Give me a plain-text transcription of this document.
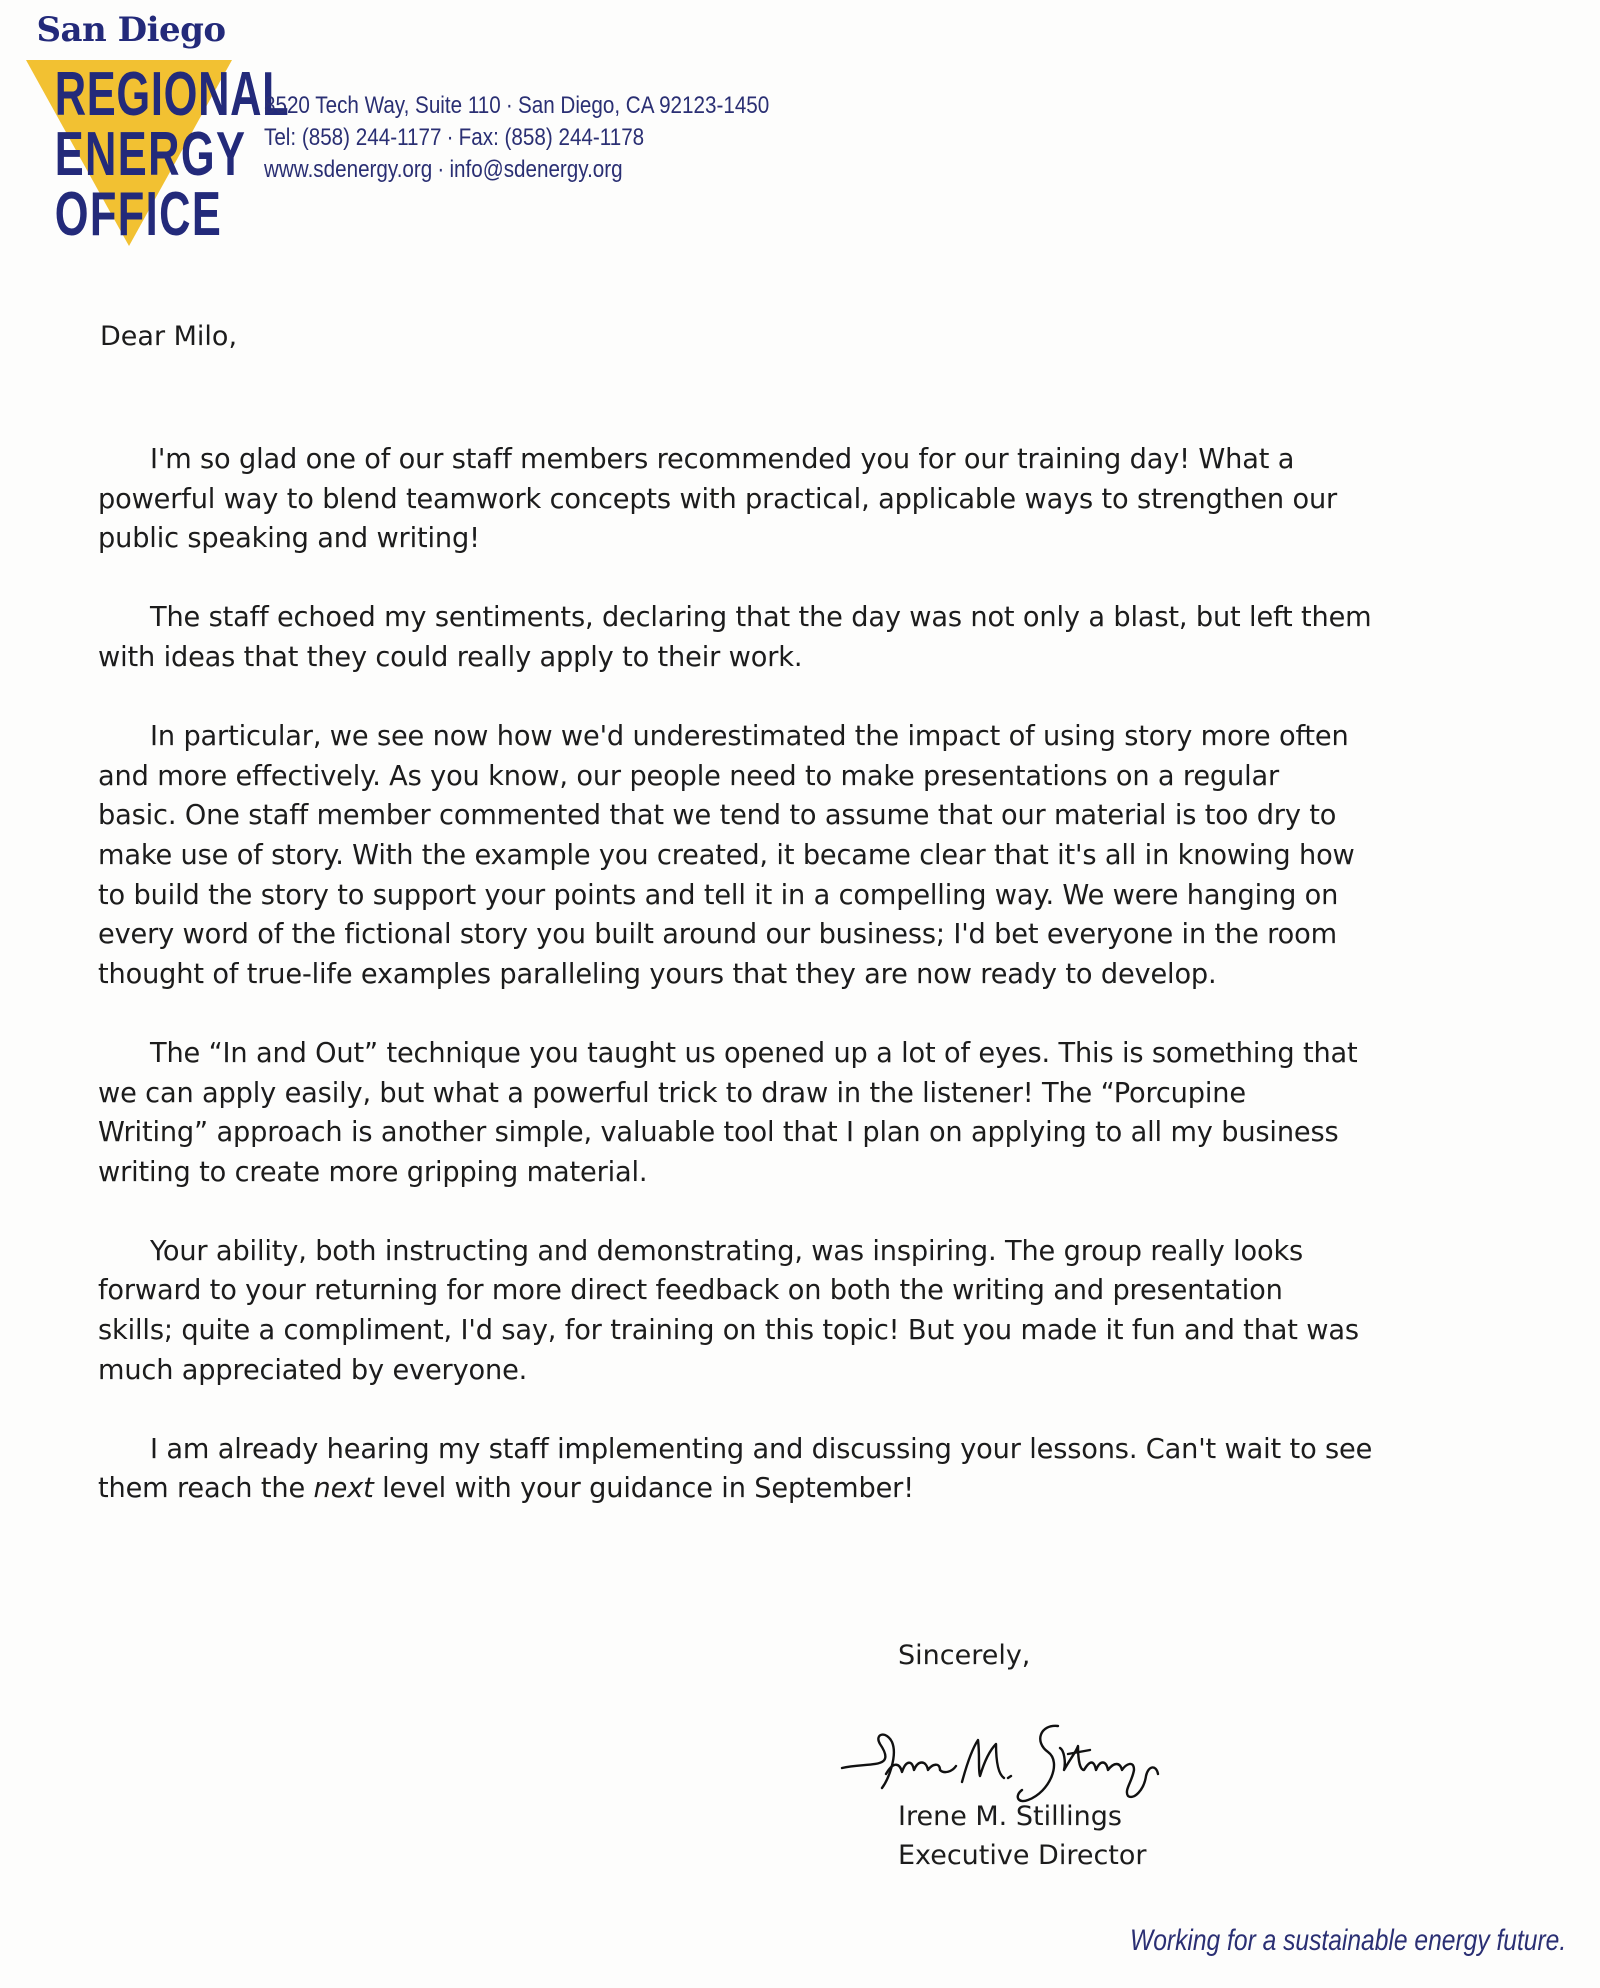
San Diego
REGIONAL
ENERGY
OFFICE
8520 Tech Way, Suite 110 · San Diego, CA 92123-1450
Tel: (858) 244-1177 · Fax: (858) 244-1178
www.sdenergy.org · info@sdenergy.org
Dear Milo,

I'm so glad one of our staff members recommended you for our training day! What a
powerful way to blend teamwork concepts with practical, applicable ways to strengthen our
public speaking and writing!

The staff echoed my sentiments, declaring that the day was not only a blast, but left them
with ideas that they could really apply to their work.

In particular, we see now how we'd underestimated the impact of using story more often
and more effectively. As you know, our people need to make presentations on a regular
basic. One staff member commented that we tend to assume that our material is too dry to
make use of story. With the example you created, it became clear that it's all in knowing how
to build the story to support your points and tell it in a compelling way. We were hanging on
every word of the fictional story you built around our business; I'd bet everyone in the room
thought of true-life examples paralleling yours that they are now ready to develop.

The “In and Out” technique you taught us opened up a lot of eyes. This is something that
we can apply easily, but what a powerful trick to draw in the listener! The “Porcupine
Writing” approach is another simple, valuable tool that I plan on applying to all my business
writing to create more gripping material.

Your ability, both instructing and demonstrating, was inspiring. The group really looks
forward to your returning for more direct feedback on both the writing and presentation
skills; quite a compliment, I'd say, for training on this topic! But you made it fun and that was
much appreciated by everyone.

I am already hearing my staff implementing and discussing your lessons. Can't wait to see
them reach the next level with your guidance in September!

Sincerely,
Irene M. Stillings
Executive Director
Working for a sustainable energy future.
